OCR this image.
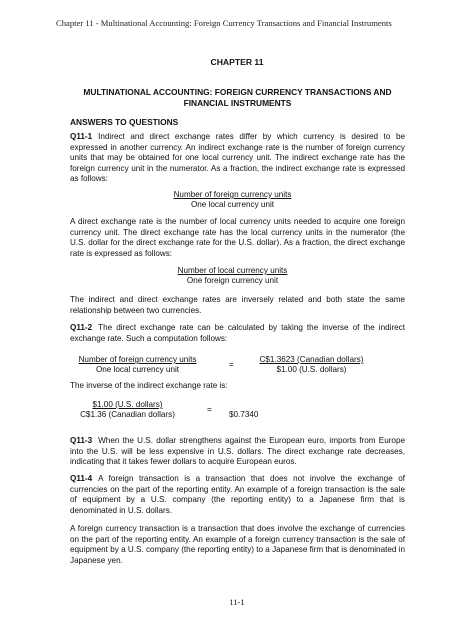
Chapter 11 - Multinational Accounting: Foreign Currency Transactions and Financial Instruments
CHAPTER 11
MULTINATIONAL ACCOUNTING: FOREIGN CURRENCY TRANSACTIONS AND FINANCIAL INSTRUMENTS
ANSWERS TO QUESTIONS

Q11-1 Indirect and direct exchange rates differ by which currency is desired to be expressed in another currency. An indirect exchange rate is the number of foreign currency units that may be obtained for one local currency unit. The indirect exchange rate has the foreign currency unit in the numerator. As a fraction, the indirect exchange rate is expressed as follows:

Number of foreign currency units
One local currency unit

A direct exchange rate is the number of local currency units needed to acquire one foreign currency unit. The direct exchange rate has the local currency units in the numerator (the U.S. dollar for the direct exchange rate for the U.S. dollar). As a fraction, the direct exchange rate is expressed as follows:

Number of local currency units
One foreign currency unit

The indirect and direct exchange rates are inversely related and both state the same relationship between two currencies.

Q11-2 The direct exchange rate can be calculated by taking the inverse of the indirect exchange rate. Such a computation follows:

Number of foreign currency units
One local currency unit
=
C$1.3623 (Canadian dollars)
$1.00 (U.S. dollars)
The inverse of the indirect exchange rate is:
$1.00 (U.S. dollars)
C$1.36 (Canadian dollars)
=
$0.7340

Q11-3 When the U.S. dollar strengthens against the European euro, imports from Europe into the U.S. will be less expensive in U.S. dollars. The direct exchange rate decreases, indicating that it takes fewer dollars to acquire European euros.

Q11-4 A foreign transaction is a transaction that does not involve the exchange of currencies on the part of the reporting entity. An example of a foreign transaction is the sale of equipment by a U.S. company (the reporting entity) to a Japanese firm that is denominated in U.S. dollars.

A foreign currency transaction is a transaction that does involve the exchange of currencies on the part of the reporting entity. An example of a foreign currency transaction is the sale of equipment by a U.S. company (the reporting entity) to a Japanese firm that is denominated in Japanese yen.

11-1
